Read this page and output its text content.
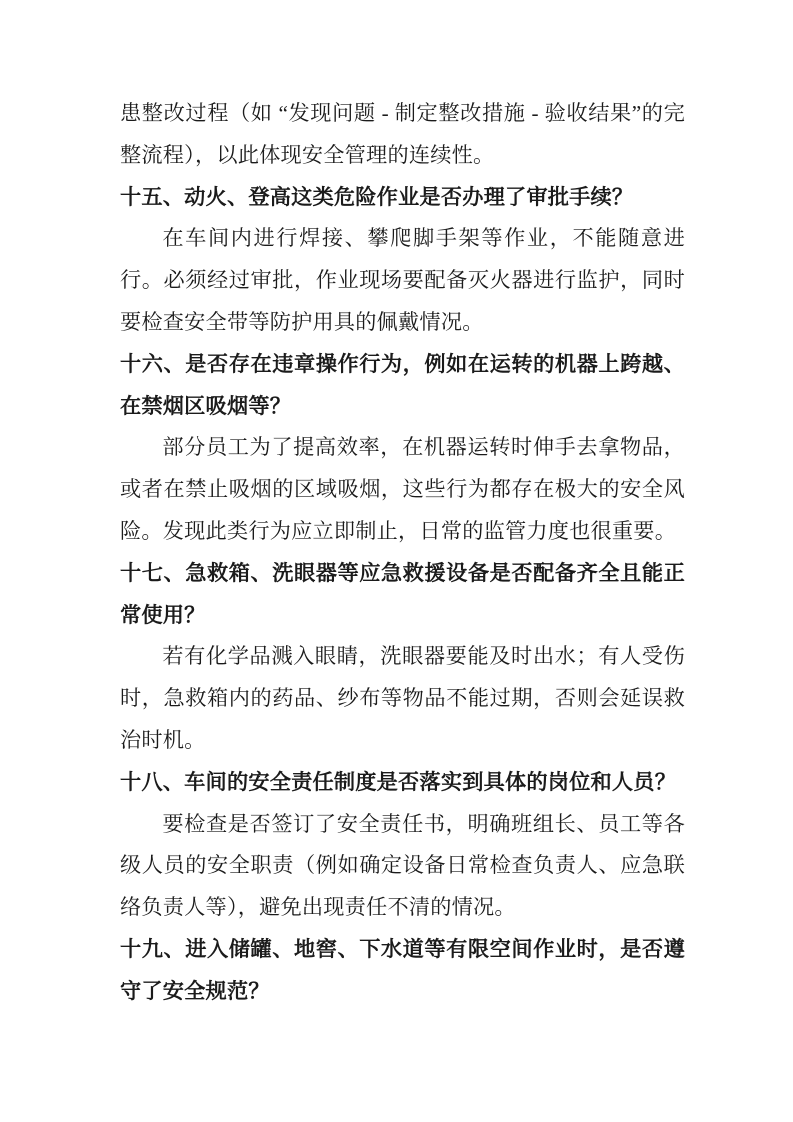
患整改过程（如 “发现问题 - 制定整改措施 - 验收结果”的完整流程），以此体现安全管理的连续性。

十五、动火、登高这类危险作业是否办理了审批手续？

在车间内进行焊接、攀爬脚手架等作业，不能随意进行。必须经过审批，作业现场要配备灭火器进行监护，同时要检查安全带等防护用具的佩戴情况。

十六、是否存在违章操作行为，例如在运转的机器上跨越、在禁烟区吸烟等？

部分员工为了提高效率，在机器运转时伸手去拿物品，或者在禁止吸烟的区域吸烟，这些行为都存在极大的安全风险。发现此类行为应立即制止，日常的监管力度也很重要。

十七、急救箱、洗眼器等应急救援设备是否配备齐全且能正常使用？

若有化学品溅入眼睛，洗眼器要能及时出水；有人受伤时，急救箱内的药品、纱布等物品不能过期，否则会延误救治时机。

十八、车间的安全责任制度是否落实到具体的岗位和人员？

要检查是否签订了安全责任书，明确班组长、员工等各级人员的安全职责（例如确定设备日常检查负责人、应急联络负责人等），避免出现责任不清的情况。

十九、进入储罐、地窖、下水道等有限空间作业时，是否遵守了安全规范？
